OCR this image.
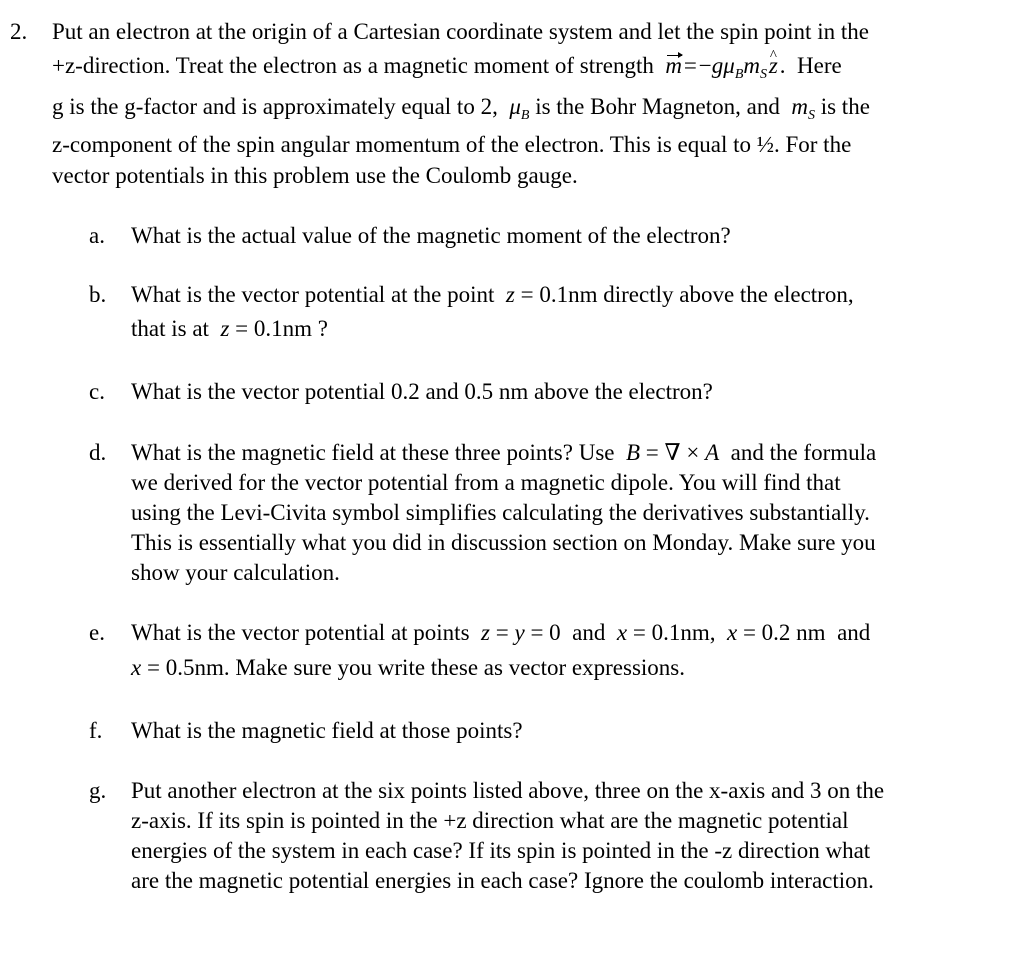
2. Put an electron at the origin of a Cartesian coordinate system and let the spin point in the
+z-direction. Treat the electron as a magnetic moment of strength m = $-g\mu_Bm_S$ ^ z . Here
g is the g-factor and is approximately equal to 2, $\mu_B$ is the Bohr Magneton, and $m_S$ is the
z-component of the spin angular momentum of the electron. This is equal to ½. For the
vector potentials in this problem use the Coulomb gauge.
a. What is the actual value of the magnetic moment of the electron?
b. What is the vector potential at the point z = 0.1nm directly above the electron,
that is at z = 0.1nm ?
c. What is the vector potential 0.2 and 0.5 nm above the electron?
d. What is the magnetic field at these three points? Use B = ∇ × A and the formula
we derived for the vector potential from a magnetic dipole. You will find that
using the Levi-Civita symbol simplifies calculating the derivatives substantially.
This is essentially what you did in discussion section on Monday. Make sure you
show your calculation.
e. What is the vector potential at points z = y = 0  and x = 0.1nm, x = 0.2 nm  and
x = 0.5nm. Make sure you write these as vector expressions.
f. What is the magnetic field at those points?
g. Put another electron at the six points listed above, three on the x-axis and 3 on the
z-axis. If its spin is pointed in the +z direction what are the magnetic potential
energies of the system in each case? If its spin is pointed in the -z direction what
are the magnetic potential energies in each case? Ignore the coulomb interaction.
